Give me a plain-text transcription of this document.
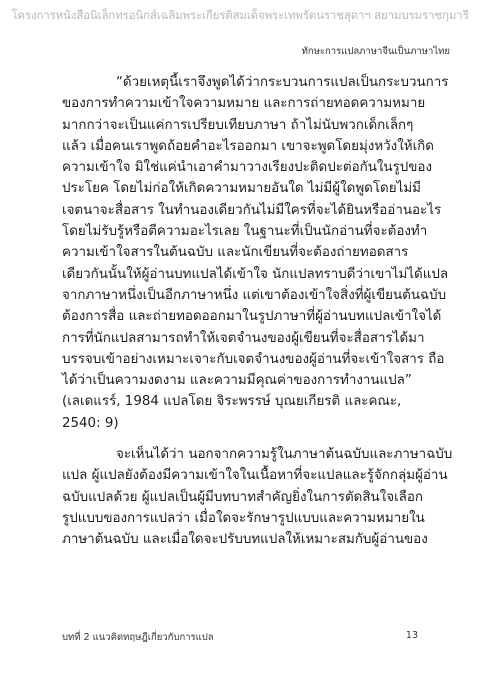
โครงการหนังสือนิเล็กทรอนิกส์เฉลิมพระเกียรติสมเด็จพระเทพรัตนราชสุดาฯ สยามบรมราชกุมารี
ทักษะการแปลภาษาจีนเป็นภาษาไทย
“ด้วยเหตุนี้เราจึงพูดได้ว่ากระบวนการแปลเป็นกระบวนการ
ของการทำความเข้าใจความหมาย และการถ่ายทอดความหมาย
มากกว่าจะเป็นแค่การเปรียบเทียบภาษา ถ้าไม่นับพวกเด็กเล็กๆ
แล้ว เมื่อคนเราพูดถ้อยคำอะไรออกมา เขาจะพูดโดยมุ่งหวังให้เกิด
ความเข้าใจ มิใช่แค่นำเอาคำมาวางเรียงปะติดปะต่อกันในรูปของ
ประโยค โดยไม่ก่อให้เกิดความหมายอันใด ไม่มีผู้ใดพูดโดยไม่มี
เจตนาจะสื่อสาร ในทำนองเดียวกันไม่มีใครที่จะได้ยินหรืออ่านอะไร
โดยไม่รับรู้หรือตีความอะไรเลย ในฐานะที่เป็นนักอ่านที่จะต้องทำ
ความเข้าใจสารในต้นฉบับ และนักเขียนที่จะต้องถ่ายทอดสาร
เดียวกันนั้นให้ผู้อ่านบทแปลได้เข้าใจ นักแปลทราบดีว่าเขาไม่ได้แปล
จากภาษาหนึ่งเป็นอีกภาษาหนึ่ง แต่เขาต้องเข้าใจสิ่งที่ผู้เขียนต้นฉบับ
ต้องการสื่อ และถ่ายทอดออกมาในรูปภาษาที่ผู้อ่านบทแปลเข้าใจได้
การที่นักแปลสามารถทำให้เจตจำนงของผู้เขียนที่จะสื่อสารได้มา
บรรจบเข้าอย่างเหมาะเจาะกับเจตจำนงของผู้อ่านที่จะเข้าใจสาร ถือ
ได้ว่าเป็นความงดงาม และความมีคุณค่าของการทำงานแปล”
(เลเดแรร์, 1984 แปลโดย จิระพรรษ์ บุณยเกียรติ และคณะ,
2540: 9)
จะเห็นได้ว่า นอกจากความรู้ในภาษาต้นฉบับและภาษาฉบับ
แปล ผู้แปลยังต้องมีความเข้าใจในเนื้อหาที่จะแปลและรู้จักกลุ่มผู้อ่าน
ฉบับแปลด้วย ผู้แปลเป็นผู้มีบทบาทสำคัญยิ่งในการตัดสินใจเลือก
รูปแบบของการแปลว่า เมื่อใดจะรักษารูปแบบและความหมายใน
ภาษาต้นฉบับ และเมื่อใดจะปรับบทแปลให้เหมาะสมกับผู้อ่านของ
บทที่ 2 แนวคิดทฤษฎีเกี่ยวกับการแปล	13
